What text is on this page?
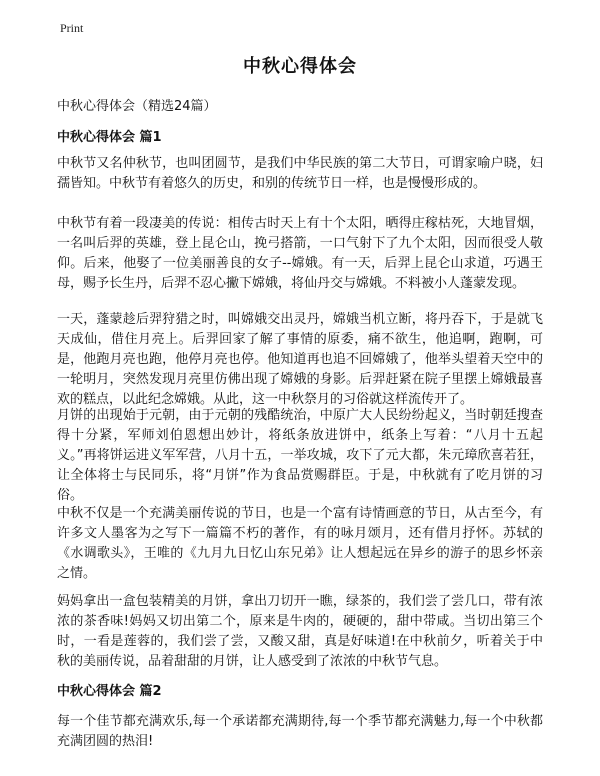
Print
中秋心得体会
中秋心得体会（精选24篇）
中秋心得体会 篇1

中秋节又名仲秋节，也叫团圆节，是我们中华民族的第二大节日，可谓家喻户晓，妇孺皆知。中秋节有着悠久的历史，和别的传统节日一样，也是慢慢形成的。

中秋节有着一段凄美的传说：相传古时天上有十个太阳，晒得庄稼枯死，大地冒烟，一名叫后羿的英雄，登上昆仑山，挽弓搭箭，一口气射下了九个太阳，因而很受人敬仰。后来，他娶了一位美丽善良的女子--嫦娥。有一天，后羿上昆仑山求道，巧遇王母，赐予长生丹，后羿不忍心撇下嫦娥，将仙丹交与嫦娥。不料被小人蓬蒙发现。

一天，蓬蒙趁后羿狩猎之时，叫嫦娥交出灵丹，嫦娥当机立断，将丹吞下，于是就飞天成仙，借住月亮上。后羿回家了解了事情的原委，痛不欲生，他追啊，跑啊，可是，他跑月亮也跑，他停月亮也停。他知道再也追不回嫦娥了，他举头望着天空中的一轮明月，突然发现月亮里仿佛出现了嫦娥的身影。后羿赶紧在院子里摆上嫦娥最喜欢的糕点，以此纪念嫦娥。从此，这一中秋祭月的习俗就这样流传开了。

月饼的出现始于元朝，由于元朝的残酷统治，中原广大人民纷纷起义，当时朝廷搜查得十分紧，军师刘伯恩想出妙计，将纸条放进饼中，纸条上写着：“八月十五起义。”再将饼运进义军军营，八月十五，一举攻城，攻下了元大都，朱元璋欣喜若狂，让全体将士与民同乐，将“月饼”作为食品赏赐群臣。于是，中秋就有了吃月饼的习俗。

中秋不仅是一个充满美丽传说的节日，也是一个富有诗情画意的节日，从古至今，有许多文人墨客为之写下一篇篇不朽的著作，有的咏月颂月，还有借月抒怀。苏轼的《水调歌头》，王唯的《九月九日忆山东兄弟》让人想起远在异乡的游子的思乡怀亲之情。

妈妈拿出一盒包装精美的月饼，拿出刀切开一瞧，绿茶的，我们尝了尝几口，带有浓浓的茶香味!妈妈又切出第二个，原来是牛肉的，硬硬的，甜中带咸。当切出第三个时，一看是莲蓉的，我们尝了尝，又酸又甜，真是好味道!在中秋前夕，听着关于中秋的美丽传说，品着甜甜的月饼，让人感受到了浓浓的中秋节气息。

中秋心得体会 篇2

每一个佳节都充满欢乐,每一个承诺都充满期待,每一个季节都充满魅力,每一个中秋都充满团圆的热泪!
